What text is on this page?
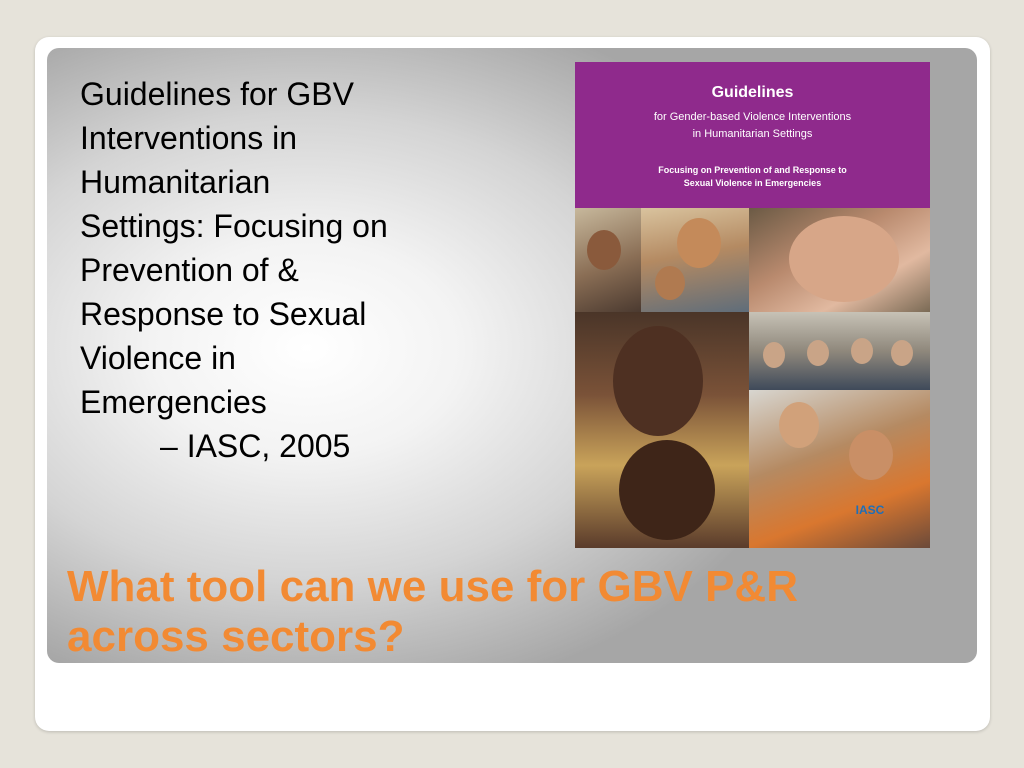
Guidelines for GBV

Interventions in

Humanitarian

Settings: Focusing on

Prevention of &

Response to Sexual

Violence in

Emergencies

– IASC, 2005

Guidelines
for Gender-based Violence Interventions
in Humanitarian Settings
Focusing on Prevention of and Response to
Sexual Violence in Emergencies
IASC
What tool can we use for GBV P&R
across sectors?
